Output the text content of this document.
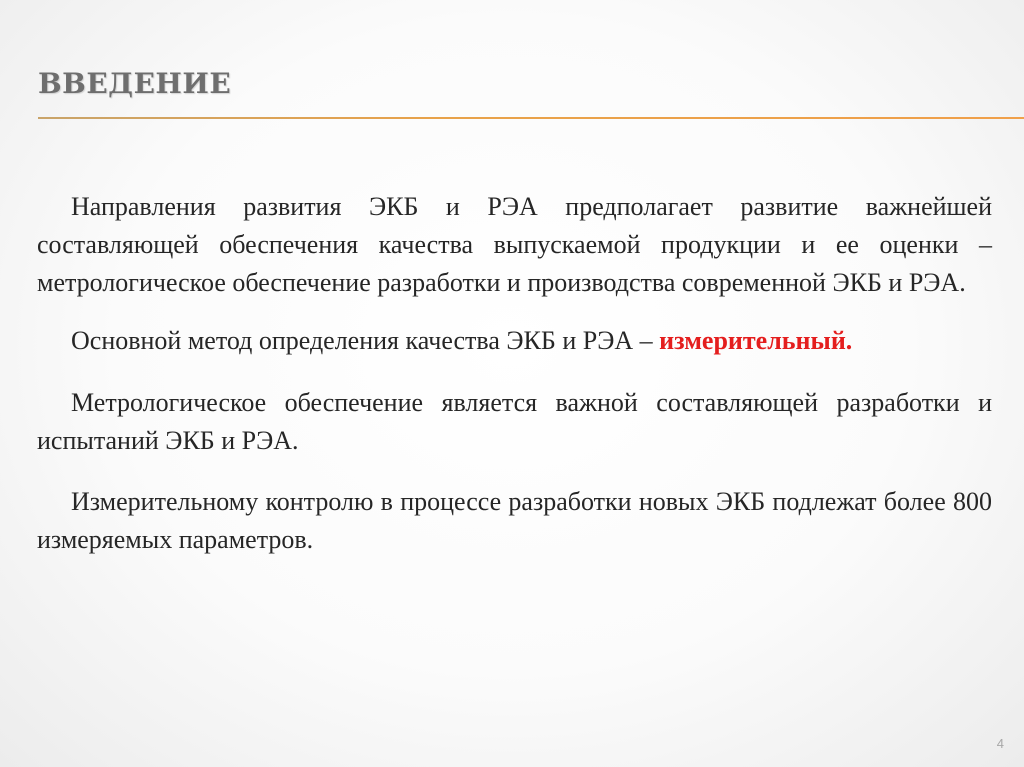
ВВЕДЕНИЕ

Направления развития ЭКБ и РЭА предполагает развитие важнейшей составляющей обеспечения качества выпускаемой продукции и ее оценки – метрологическое обеспечение разработки и производства современной ЭКБ и РЭА.

Основной метод определения качества ЭКБ и РЭА – измерительный.

Метрологическое обеспечение является важной составляющей разработки и испытаний ЭКБ и РЭА.

Измерительному контролю в процессе разработки новых ЭКБ подлежат более 800 измеряемых параметров.

4
